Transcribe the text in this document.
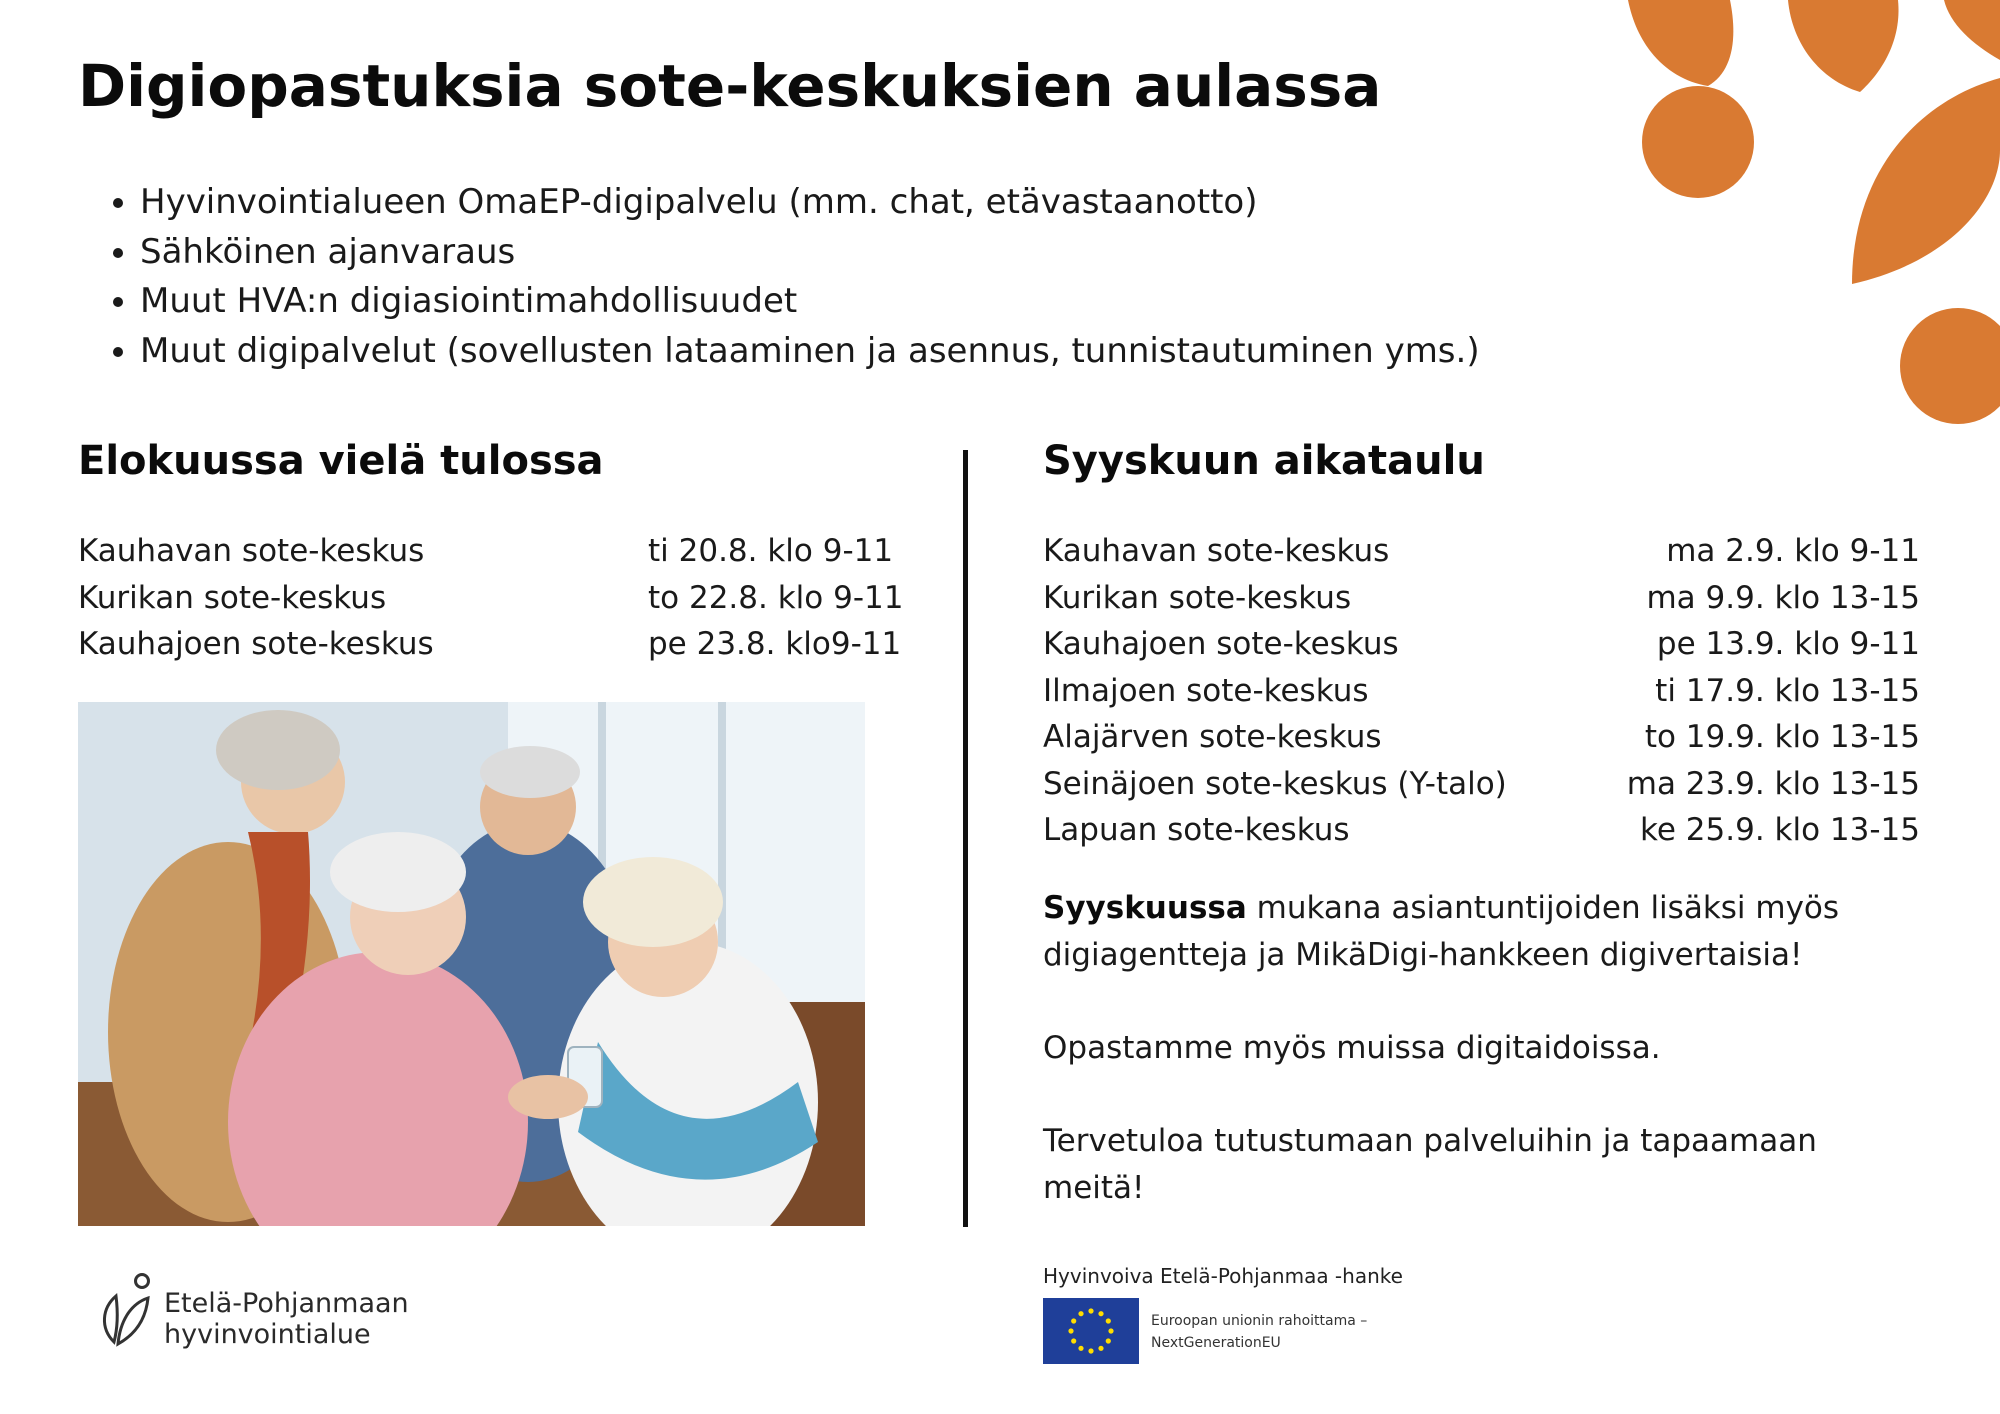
Digiopastuksia sote-keskuksien aulassa
• Hyvinvointialueen OmaEP-digipalvelu (mm. chat, etävastaanotto)
• Sähköinen ajanvaraus
• Muut HVA:n digiasiointimahdollisuudet
• Muut digipalvelut (sovellusten lataaminen ja asennus, tunnistautuminen yms.)
Elokuussa vielä tulossa
Kauhavan sote-keskus	ti 20.8. klo 9-11
Kurikan sote-keskus	to 22.8. klo 9-11
Kauhajoen sote-keskus	pe 23.8. klo9-11
Syyskuun aikataulu
Kauhavan sote-keskus	ma 2.9. klo 9-11
Kurikan sote-keskus	ma 9.9. klo 13-15
Kauhajoen sote-keskus	pe 13.9. klo 9-11
Ilmajoen sote-keskus	ti 17.9. klo 13-15
Alajärven sote-keskus	to 19.9. klo 13-15
Seinäjoen sote-keskus (Y-talo)	ma 23.9. klo 13-15
Lapuan sote-keskus	ke 25.9. klo 13-15

Syyskuussa mukana asiantuntijoiden lisäksi myös digiagentteja ja MikäDigi-hankkeen digivertaisia!

Opastamme myös muissa digitaidoissa.

Tervetuloa tutustumaan palveluihin ja tapaamaan meitä!

Hyvinvoiva Etelä-Pohjanmaa -hanke
Euroopan unionin rahoittama –
NextGenerationEU
Etelä-Pohjanmaan
hyvinvointialue
